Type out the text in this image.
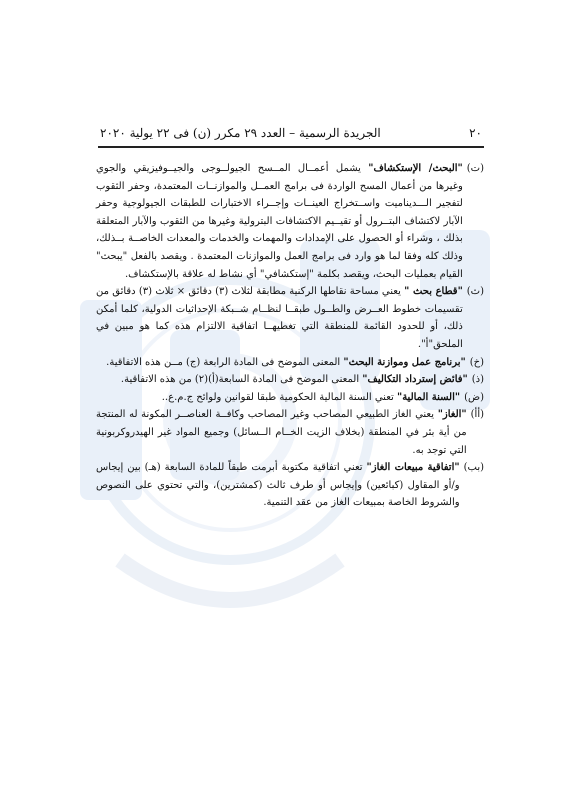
٢٠
الجريدة الرسمية – العدد ٢٩ مكرر (ن) فى ٢٢ يولية ٢٠٢٠
(ت)

"البحث/ الإستكشاف" يشمل أعمــال المــسح الجيولــوجى والجيــوفيزيقي والجوي وغيرها من أعمال المسح الواردة فى برامج العمــل والموازنــات المعتمدة، وحفر الثقوب لتفجير الـــديناميت واســتخراج العينــات وإجــراء الاختبارات للطبقات الجيولوجية وحفر الآبار لاكتشاف البتــرول أو تقيــيم الاكتشافات البترولية وغيرها من الثقوب والآبار المتعلقة بذلك ، وشراء أو الحصول على الإمدادات والمهمات والخدمات والمعدات الخاصــة بــذلك، وذلك كله وفقا لما هو وارد فى برامج العمل والموازنات المعتمدة . ويقصد بالفعل "يبحث" القيام بعمليات البحث، ويقصد بكلمة "إستكشافي" أي نشاط له علاقة بالإستكشاف.

(ث)

"قطاع بحث " يعني مساحة نقاطها الركنية مطابقة لثلاث (٣) دقائق × ثلاث (٣) دقائق من تقسيمات خطوط العــرض والطــول طبقــا لنظــام شــبكة الإحداثيات الدولية، كلما أمكن ذلك، أو للحدود القائمة للمنطقة التي تغطيهــا اتفاقية الالتزام هذه كما هو مبين في الملحق"أ".

(خ)

"برنامج عمل وموازنة البحث" المعنى الموضح فى المادة الرابعة (ج) مــن هذه الاتفاقية.

(ذ)

"فائض إسترداد التكاليف" المعنى الموضح فى المادة السابعة(أ)(٢) من هذه الاتفاقية.

(ض)

"السنة المالية" تعني السنة المالية الحكومية طبقا لقوانين ولوائح ج.م.ع..

(أأ)

"الغاز" يعني الغاز الطبيعي المصاحب وغير المصاحب وكافــة العناصــر المكونة له المنتجة من أية بئر في المنطقة (بخلاف الزيت الخــام الــسائل) وجميع المواد غير الهيدروكربونية التي توجد به.

(بب)

"اتفاقية مبيعات الغاز" تعني اتفاقية مكتوبة أبرمت طبقاً للمادة السابعة (هـ) بين إيجاس و/أو المقاول (كبائعين) وإيجاس أو طرف ثالث (كمشترين)، والتي تحتوي على النصوص والشروط الخاصة بمبيعات الغاز من عقد التنمية.
